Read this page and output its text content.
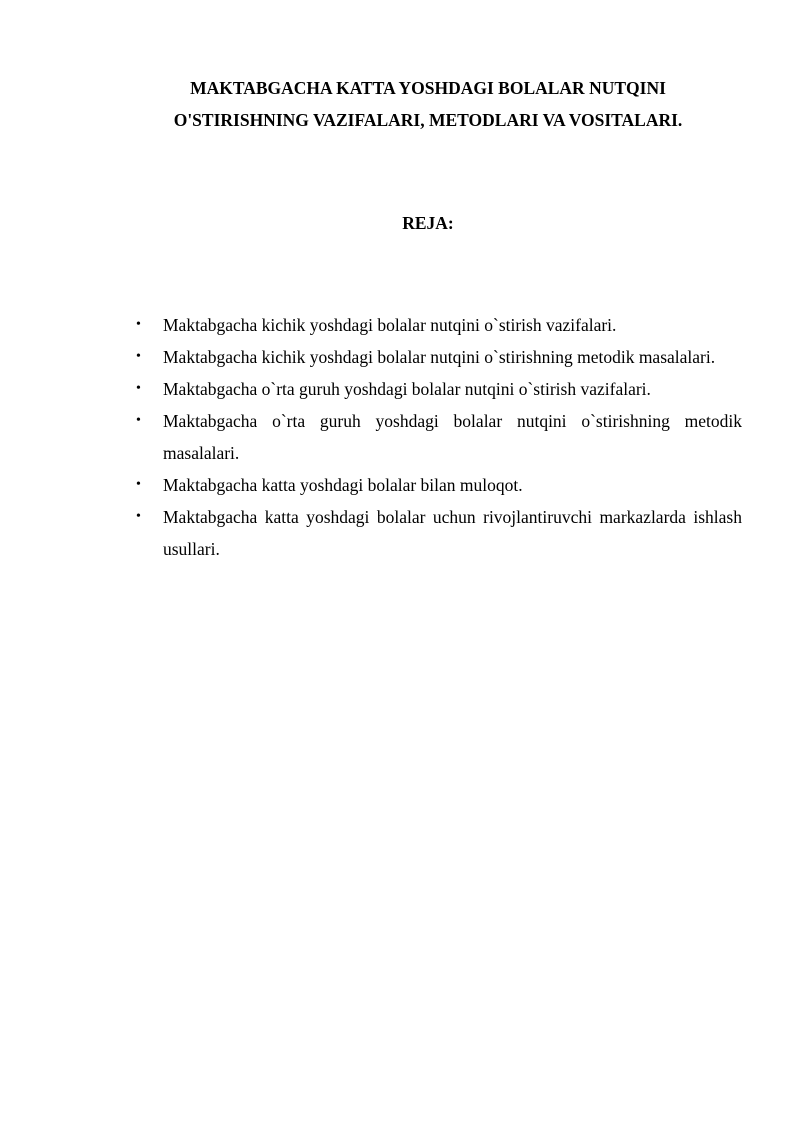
MAKTABGACHA KATTA YOSHDAGI BOLALAR NUTQINI
O'STIRISHNING VAZIFALARI, METODLARI VA VOSITALARI.
REJA:
• Maktabgacha kichik yoshdagi bolalar nutqini o`stirish vazifalari.
• Maktabgacha kichik yoshdagi bolalar nutqini o`stirishning metodik masalalari.
• Maktabgacha o`rta guruh yoshdagi bolalar nutqini o`stirish vazifalari.
• Maktabgacha o`rta guruh yoshdagi bolalar nutqini o`stirishning metodik masalalari.
• Maktabgacha katta yoshdagi bolalar bilan muloqot.
• Maktabgacha katta yoshdagi bolalar uchun rivojlantiruvchi markazlarda ishlash usullari.
